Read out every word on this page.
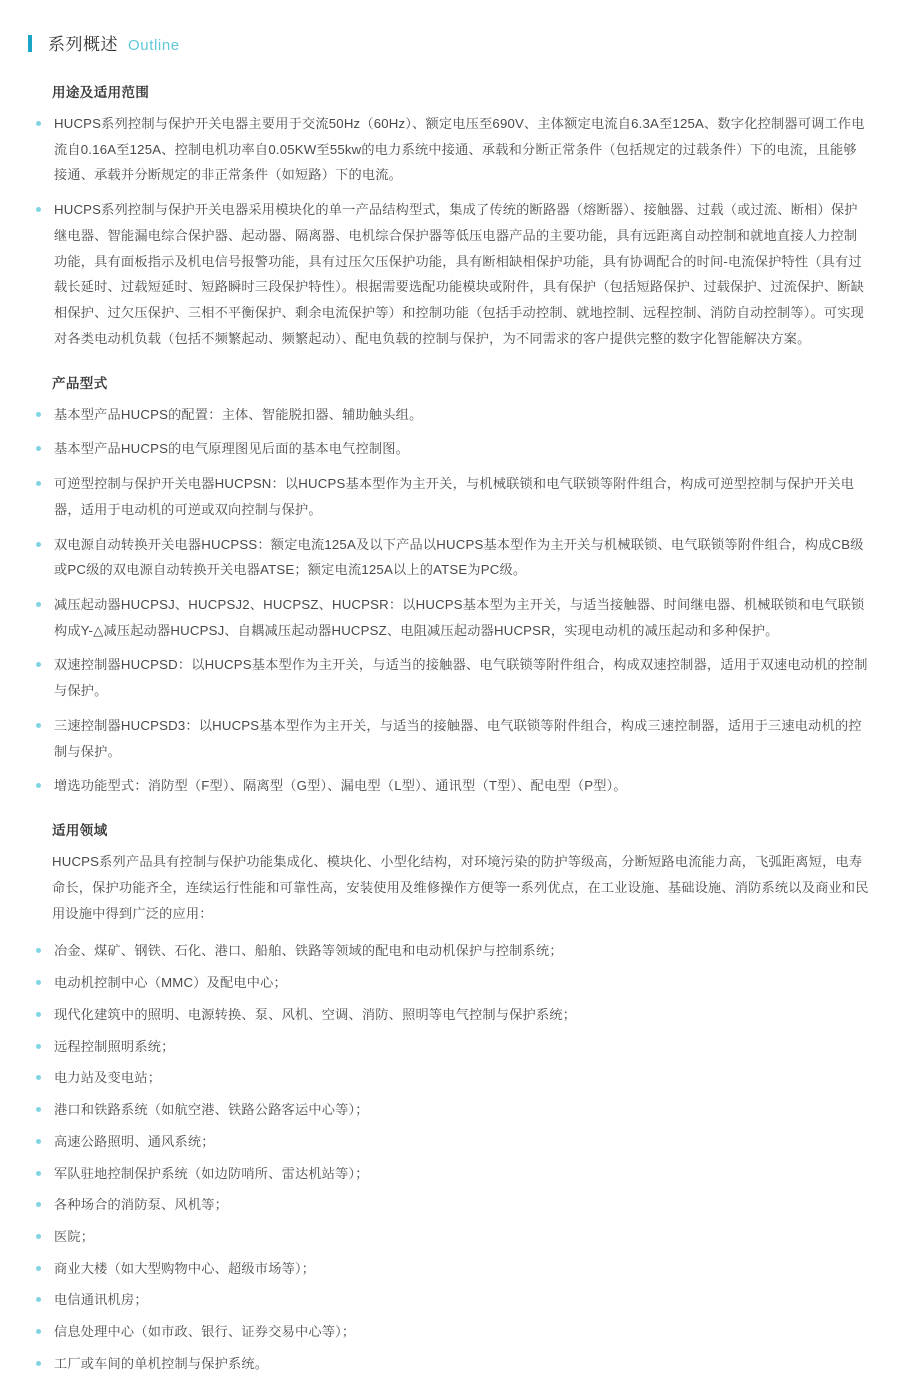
系列概述 Outline
用途及适用范围
HUCPS系列控制与保护开关电器主要用于交流50Hz（60Hz）、额定电压至690V、主体额定电流自6.3A至125A、数字化控制器可调工作电流自0.16A至125A、控制电机功率自0.05KW至55kw的电力系统中接通、承载和分断正常条件（包括规定的过载条件）下的电流，且能够接通、承载并分断规定的非正常条件（如短路）下的电流。
HUCPS系列控制与保护开关电器采用模块化的单一产品结构型式，集成了传统的断路器（熔断器）、接触器、过载（或过流、断相）保护继电器、智能漏电综合保护器、起动器、隔离器、电机综合保护器等低压电器产品的主要功能，具有远距离自动控制和就地直接人力控制功能，具有面板指示及机电信号报警功能，具有过压欠压保护功能，具有断相缺相保护功能，具有协调配合的时间-电流保护特性（具有过载长延时、过载短延时、短路瞬时三段保护特性）。根据需要选配功能模块或附件，具有保护（包括短路保护、过载保护、过流保护、断缺相保护、过欠压保护、三相不平衡保护、剩余电流保护等）和控制功能（包括手动控制、就地控制、远程控制、消防自动控制等）。可实现对各类电动机负载（包括不频繁起动、频繁起动）、配电负载的控制与保护，为不同需求的客户提供完整的数字化智能解决方案。
产品型式
基本型产品HUCPS的配置：主体、智能脱扣器、辅助触头组。
基本型产品HUCPS的电气原理图见后面的基本电气控制图。
可逆型控制与保护开关电器HUCPSN：以HUCPS基本型作为主开关，与机械联锁和电气联锁等附件组合，构成可逆型控制与保护开关电器，适用于电动机的可逆或双向控制与保护。
双电源自动转换开关电器HUCPSS：额定电流125A及以下产品以HUCPS基本型作为主开关与机械联锁、电气联锁等附件组合，构成CB级或PC级的双电源自动转换开关电器ATSE；额定电流125A以上的ATSE为PC级。
减压起动器HUCPSJ、HUCPSJ2、HUCPSZ、HUCPSR：以HUCPS基本型为主开关，与适当接触器、时间继电器、机械联锁和电气联锁构成Y-△减压起动器HUCPSJ、自耦减压起动器HUCPSZ、电阻减压起动器HUCPSR，实现电动机的减压起动和多种保护。
双速控制器HUCPSD：以HUCPS基本型作为主开关，与适当的接触器、电气联锁等附件组合，构成双速控制器，适用于双速电动机的控制与保护。
三速控制器HUCPSD3：以HUCPS基本型作为主开关，与适当的接触器、电气联锁等附件组合，构成三速控制器，适用于三速电动机的控制与保护。
增选功能型式：消防型（F型）、隔离型（G型）、漏电型（L型）、通讯型（T型）、配电型（P型）。
适用领域

HUCPS系列产品具有控制与保护功能集成化、模块化、小型化结构，对环境污染的防护等级高，分断短路电流能力高，飞弧距离短，电寿命长，保护功能齐全，连续运行性能和可靠性高，安装使用及维修操作方便等一系列优点，在工业设施、基础设施、消防系统以及商业和民用设施中得到广泛的应用：

冶金、煤矿、钢铁、石化、港口、船舶、铁路等领域的配电和电动机保护与控制系统；
电动机控制中心（MMC）及配电中心；
现代化建筑中的照明、电源转换、泵、风机、空调、消防、照明等电气控制与保护系统；
远程控制照明系统；
电力站及变电站；
港口和铁路系统（如航空港、铁路公路客运中心等）；
高速公路照明、通风系统；
军队驻地控制保护系统（如边防哨所、雷达机站等）；
各种场合的消防泵、风机等；
医院；
商业大楼（如大型购物中心、超级市场等）；
电信通讯机房；
信息处理中心（如市政、银行、证券交易中心等）；
工厂或车间的单机控制与保护系统。
